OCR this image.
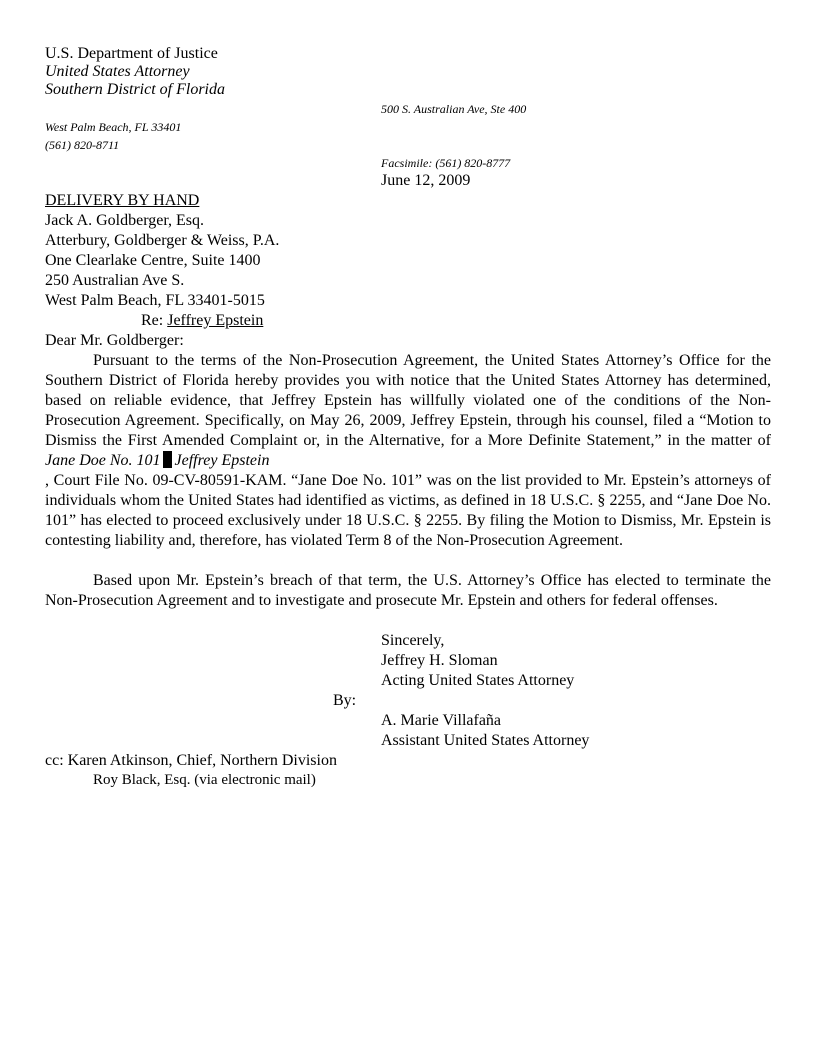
U.S. Department of Justice
United States Attorney
Southern District of Florida
500 S. Australian Ave, Ste 400
West Palm Beach, FL 33401
(561) 820-8711
Facsimile: (561) 820-8777
June 12, 2009
DELIVERY BY HAND
Jack A. Goldberger, Esq.
Atterbury, Goldberger & Weiss, P.A.
One Clearlake Centre, Suite 1400
250 Australian Ave S.
West Palm Beach, FL 33401-5015
Re: Jeffrey Epstein
Dear Mr. Goldberger:
Pursuant to the terms of the Non-Prosecution Agreement, the United States Attorney’s Office for the Southern District of Florida hereby provides you with notice that the United States Attorney has determined, based on reliable evidence, that Jeffrey Epstein has willfully violated one of the conditions of the Non-Prosecution Agreement. Specifically, on May 26, 2009, Jeffrey Epstein, through his counsel, filed a “Motion to Dismiss the First Amended Complaint or, in the Alternative, for a More Definite Statement,” in the matter of Jane Doe No. 101 Jeffrey Epstein
, Court File No. 09-CV-80591-KAM. “Jane Doe No. 101” was on the list provided to Mr. Epstein’s attorneys of individuals whom the United States had identified as victims, as defined in 18 U.S.C. § 2255, and “Jane Doe No. 101” has elected to proceed exclusively under 18 U.S.C. § 2255. By filing the Motion to Dismiss, Mr. Epstein is contesting liability and, therefore, has violated Term 8 of the Non-Prosecution Agreement.
Based upon Mr. Epstein’s breach of that term, the U.S. Attorney’s Office has elected to terminate the Non-Prosecution Agreement and to investigate and prosecute Mr. Epstein and others for federal offenses.
Sincerely,
Jeffrey H. Sloman
Acting United States Attorney
By:
A. Marie Villafaña
Assistant United States Attorney
cc: Karen Atkinson, Chief, Northern Division
Roy Black, Esq. (via electronic mail)
